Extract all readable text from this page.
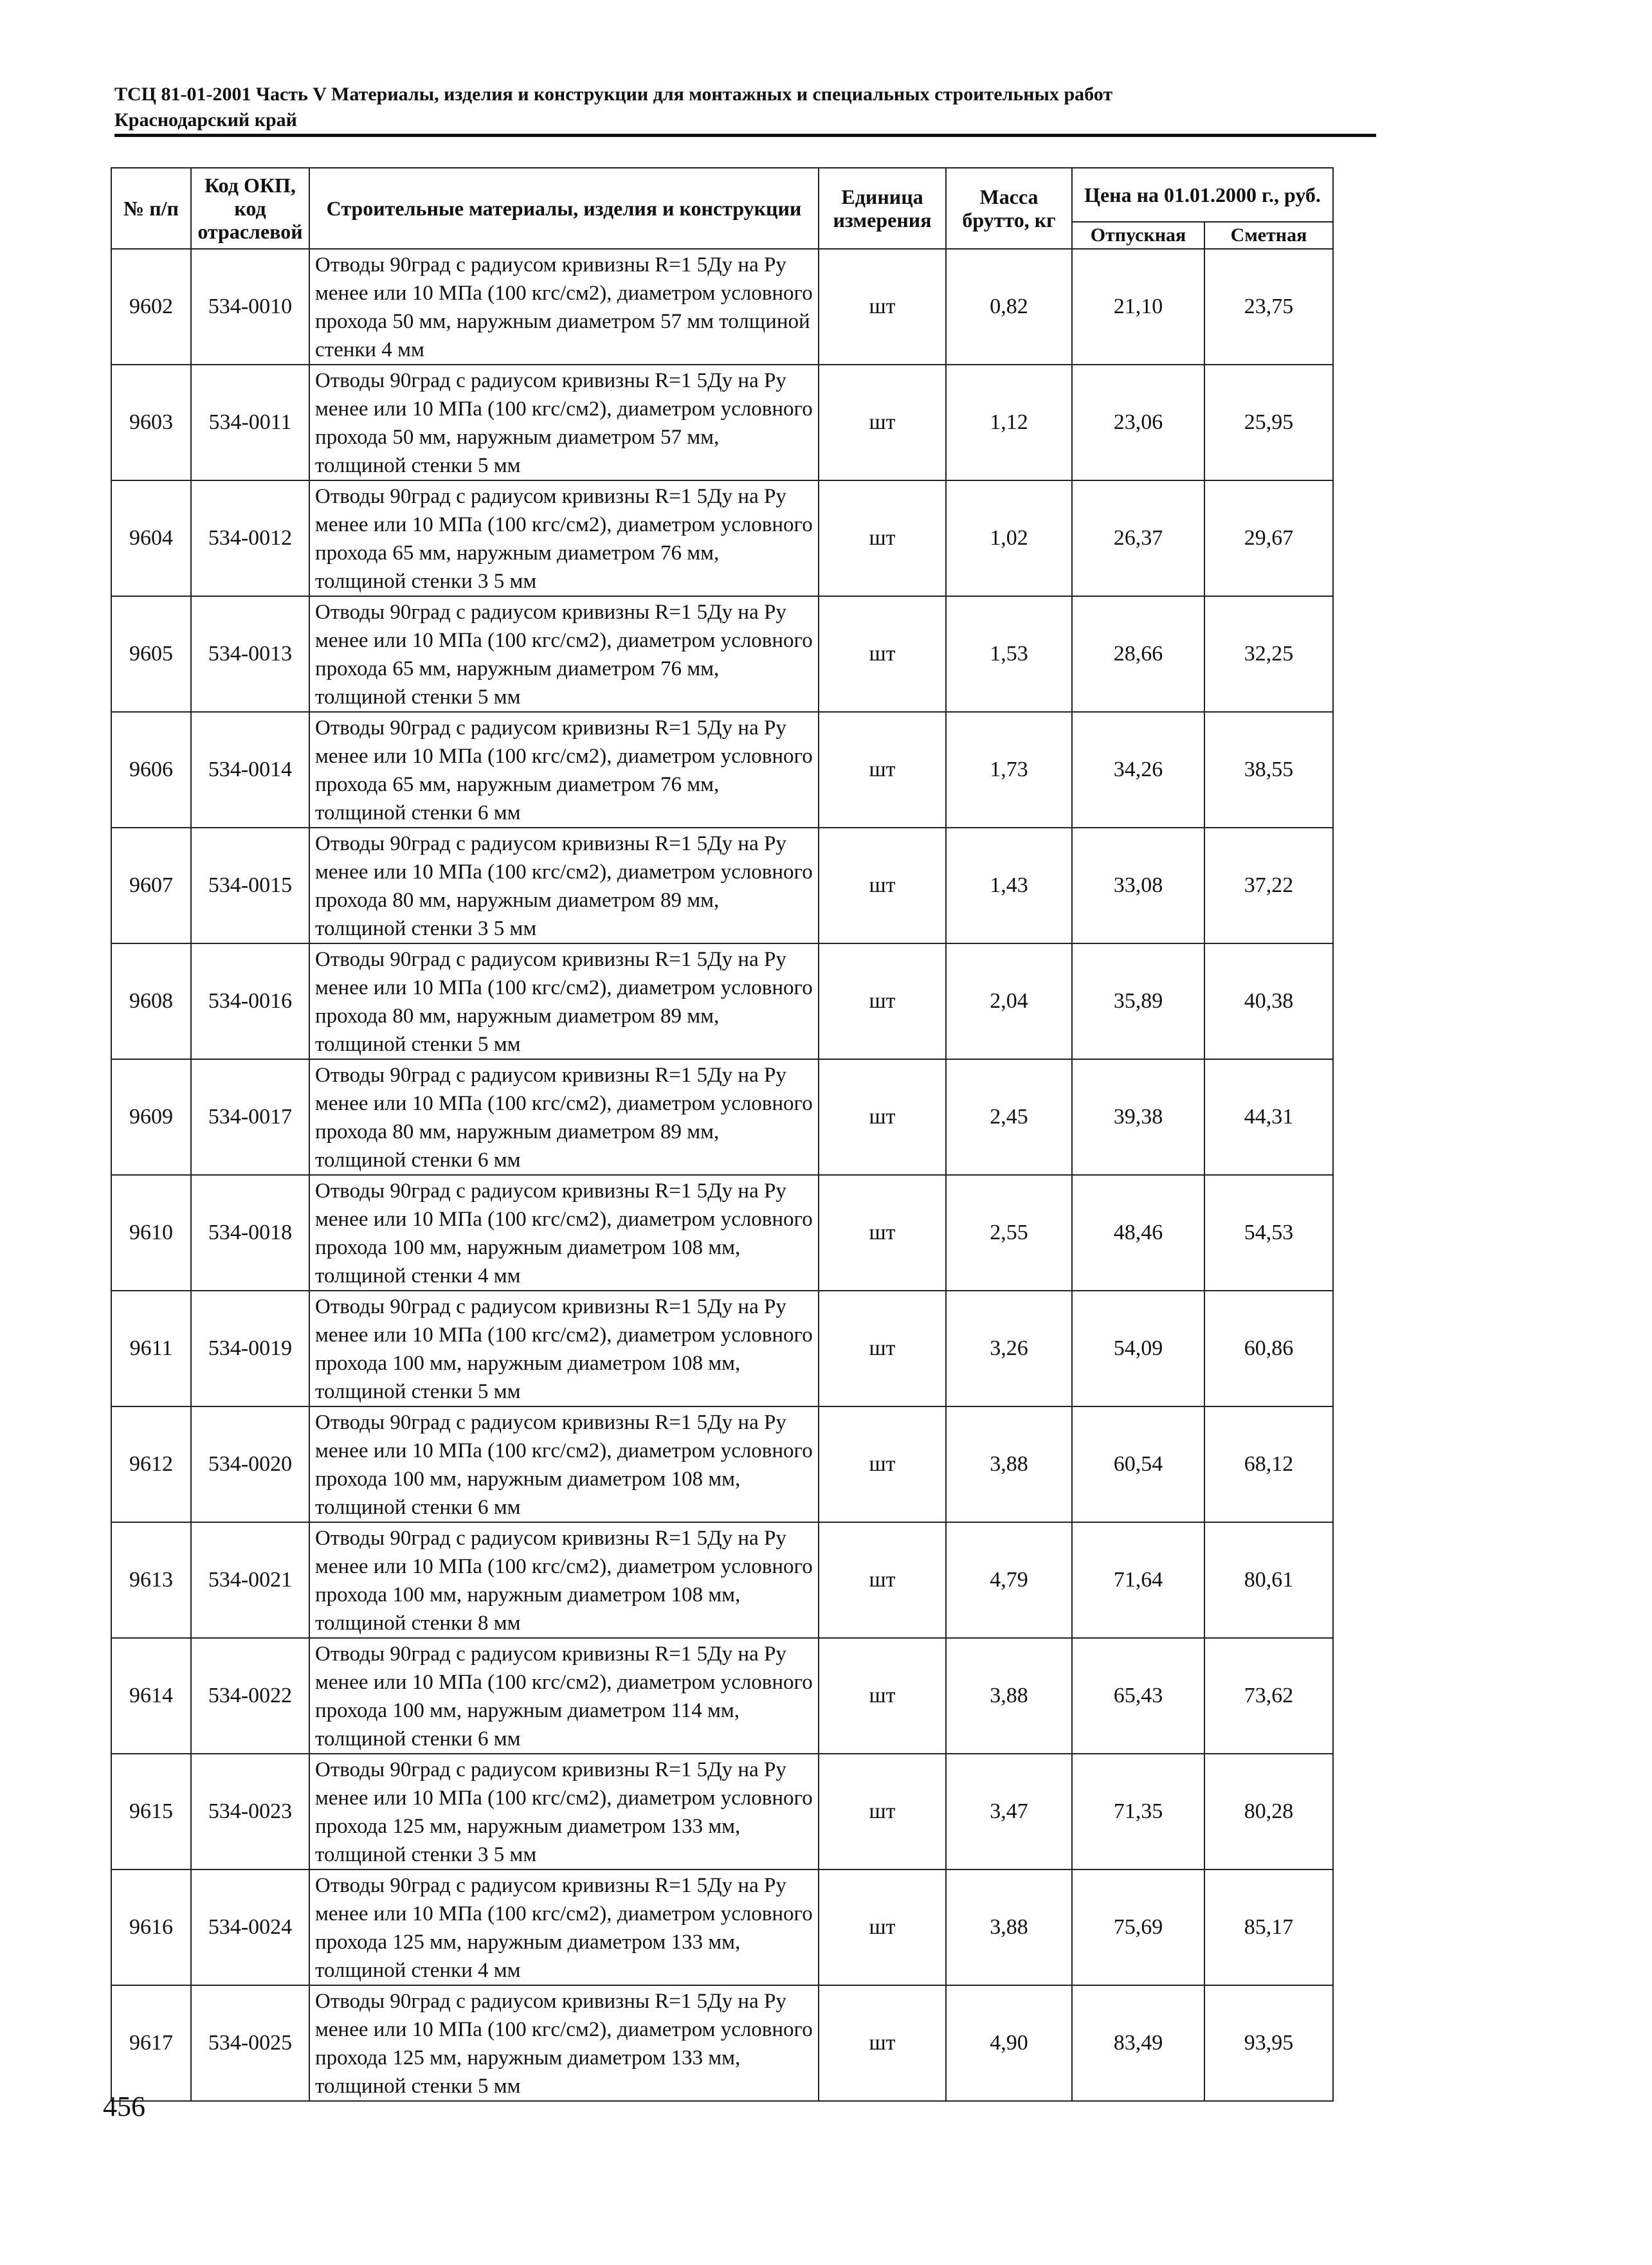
ТСЦ 81-01-2001 Часть V Материалы, изделия и конструкции для монтажных и специальных строительных работ
Краснодарский край
№ п/п	Код ОКП, код отраслевой	Строительные материалы, изделия и конструкции	Единица измерения	Масса брутто, кг	Цена на 01.01.2000 г., руб.	
					Отпускная	Сметная
9602	534-0010	Отводы 90град с радиусом кривизны R=1 5Ду на Ру менее или 10 МПа (100 кгс/см2), диаметром условного прохода 50 мм, наружным диаметром 57 мм толщиной стенки 4 мм	шт	0,82	21,10	23,75
9603	534-0011	Отводы 90град с радиусом кривизны R=1 5Ду на Ру менее или 10 МПа (100 кгс/см2), диаметром условного прохода 50 мм, наружным диаметром 57 мм, толщиной стенки 5 мм	шт	1,12	23,06	25,95
9604	534-0012	Отводы 90град с радиусом кривизны R=1 5Ду на Ру менее или 10 МПа (100 кгс/см2), диаметром условного прохода 65 мм, наружным диаметром 76 мм, толщиной стенки 3 5 мм	шт	1,02	26,37	29,67
9605	534-0013	Отводы 90град с радиусом кривизны R=1 5Ду на Ру менее или 10 МПа (100 кгс/см2), диаметром условного прохода 65 мм, наружным диаметром 76 мм, толщиной стенки 5 мм	шт	1,53	28,66	32,25
9606	534-0014	Отводы 90град с радиусом кривизны R=1 5Ду на Ру менее или 10 МПа (100 кгс/см2), диаметром условного прохода 65 мм, наружным диаметром 76 мм, толщиной стенки 6 мм	шт	1,73	34,26	38,55
9607	534-0015	Отводы 90град с радиусом кривизны R=1 5Ду на Ру менее или 10 МПа (100 кгс/см2), диаметром условного прохода 80 мм, наружным диаметром 89 мм, толщиной стенки 3 5 мм	шт	1,43	33,08	37,22
9608	534-0016	Отводы 90град с радиусом кривизны R=1 5Ду на Ру менее или 10 МПа (100 кгс/см2), диаметром условного прохода 80 мм, наружным диаметром 89 мм, толщиной стенки 5 мм	шт	2,04	35,89	40,38
9609	534-0017	Отводы 90град с радиусом кривизны R=1 5Ду на Ру менее или 10 МПа (100 кгс/см2), диаметром условного прохода 80 мм, наружным диаметром 89 мм, толщиной стенки 6 мм	шт	2,45	39,38	44,31
9610	534-0018	Отводы 90град с радиусом кривизны R=1 5Ду на Ру менее или 10 МПа (100 кгс/см2), диаметром условного прохода 100 мм, наружным диаметром 108 мм, толщиной стенки 4 мм	шт	2,55	48,46	54,53
9611	534-0019	Отводы 90град с радиусом кривизны R=1 5Ду на Ру менее или 10 МПа (100 кгс/см2), диаметром условного прохода 100 мм, наружным диаметром 108 мм, толщиной стенки 5 мм	шт	3,26	54,09	60,86
9612	534-0020	Отводы 90град с радиусом кривизны R=1 5Ду на Ру менее или 10 МПа (100 кгс/см2), диаметром условного прохода 100 мм, наружным диаметром 108 мм, толщиной стенки 6 мм	шт	3,88	60,54	68,12
9613	534-0021	Отводы 90град с радиусом кривизны R=1 5Ду на Ру менее или 10 МПа (100 кгс/см2), диаметром условного прохода 100 мм, наружным диаметром 108 мм, толщиной стенки 8 мм	шт	4,79	71,64	80,61
9614	534-0022	Отводы 90град с радиусом кривизны R=1 5Ду на Ру менее или 10 МПа (100 кгс/см2), диаметром условного прохода 100 мм, наружным диаметром 114 мм, толщиной стенки 6 мм	шт	3,88	65,43	73,62
9615	534-0023	Отводы 90град с радиусом кривизны R=1 5Ду на Ру менее или 10 МПа (100 кгс/см2), диаметром условного прохода 125 мм, наружным диаметром 133 мм, толщиной стенки 3 5 мм	шт	3,47	71,35	80,28
9616	534-0024	Отводы 90град с радиусом кривизны R=1 5Ду на Ру менее или 10 МПа (100 кгс/см2), диаметром условного прохода 125 мм, наружным диаметром 133 мм, толщиной стенки 4 мм	шт	3,88	75,69	85,17
9617	534-0025	Отводы 90град с радиусом кривизны R=1 5Ду на Ру менее или 10 МПа (100 кгс/см2), диаметром условного прохода 125 мм, наружным диаметром 133 мм, толщиной стенки 5 мм	шт	4,90	83,49	93,95
456
